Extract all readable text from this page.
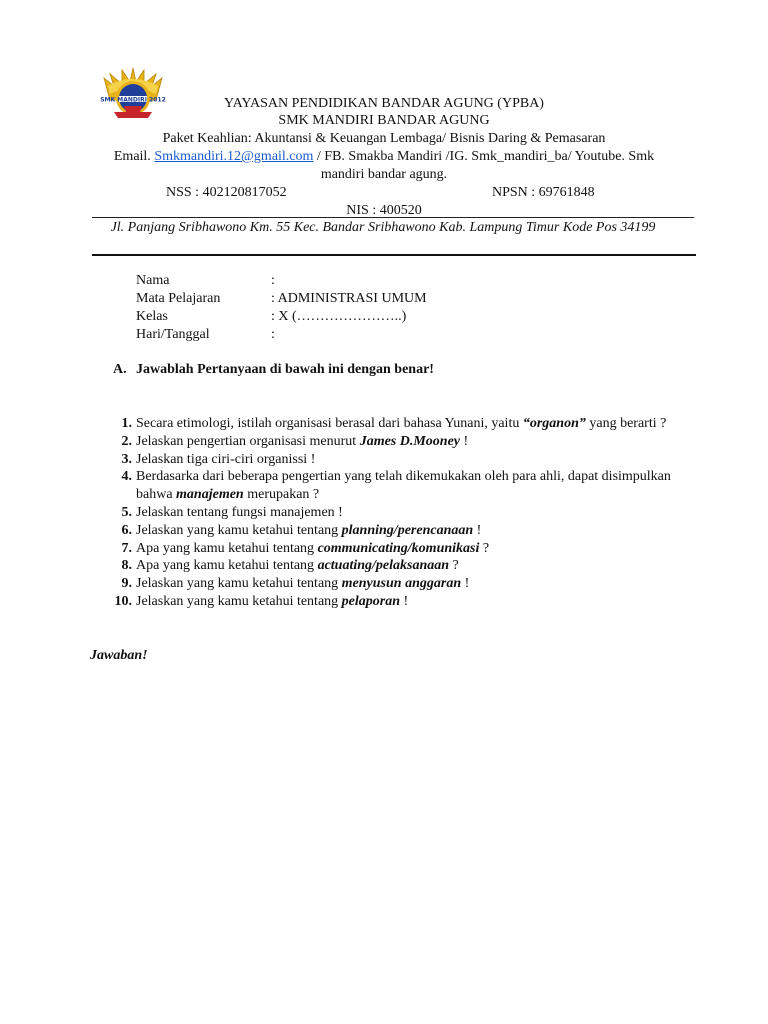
SMK MANDIRI 2012	YAYASAN PENDIDIKAN BANDAR AGUNG (YPBA)
SMK MANDIRI BANDAR AGUNG
Paket Keahlian: Akuntansi & Keuangan Lembaga/ Bisnis Daring & Pemasaran
Email. Smkmandiri.12@gmail.com / FB. Smakba Mandiri /IG. Smk_mandiri_ba/ Youtube. Smk
mandiri bandar agung.
NSS : 402120817052	NPSN : 69761848
NIS : 400520
Jl. Panjang Sribhawono Km. 55 Kec. Bandar Sribhawono Kab. Lampung Timur Kode Pos 34199
Nama	:
Mata Pelajaran	: ADMINISTRASI UMUM
Kelas	: X (…………………..)
Hari/Tanggal	:
A. Jawablah Pertanyaan di bawah ini dengan benar!
1. Secara etimologi, istilah organisasi berasal dari bahasa Yunani, yaitu “organon” yang berarti ?
2. Jelaskan pengertian organisasi menurut James D.Mooney !
3. Jelaskan tiga ciri-ciri organissi !
4. Berdasarka dari beberapa pengertian yang telah dikemukakan oleh para ahli, dapat disimpulkan bahwa manajemen merupakan ?
5. Jelaskan tentang fungsi manajemen !
6. Jelaskan yang kamu ketahui tentang planning/perencanaan !
7. Apa yang kamu ketahui tentang communicating/komunikasi ?
8. Apa yang kamu ketahui tentang actuating/pelaksanaan ?
9. Jelaskan yang kamu ketahui tentang menyusun anggaran !
10. Jelaskan yang kamu ketahui tentang pelaporan !
Jawaban!
